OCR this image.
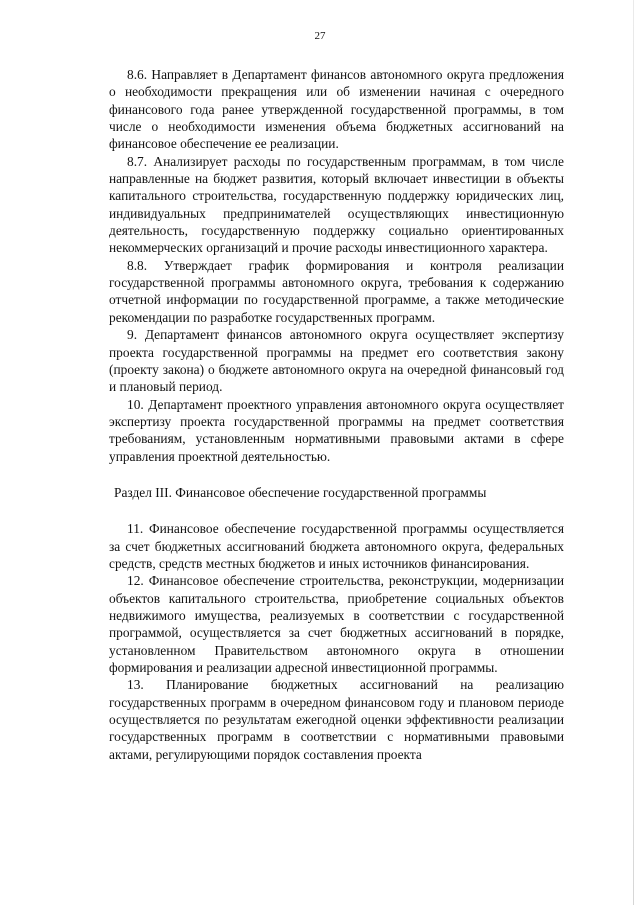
27

8.6. Направляет в Департамент финансов автономного округа предложения о необходимости прекращения или об изменении начиная с очередного финансового года ранее утвержденной государственной программы, в том числе о необходимости изменения объема бюджетных ассигнований на финансовое обеспечение ее реализации.

8.7. Анализирует расходы по государственным программам, в том числе направленные на бюджет развития, который включает инвестиции в объекты капитального строительства, государственную поддержку юридических лиц, индивидуальных предпринимателей осуществляющих инвестиционную деятельность, государственную поддержку социально ориентированных некоммерческих организаций и прочие расходы инвестиционного характера.

8.8. Утверждает график формирования и контроля реализации государственной программы автономного округа, требования к содержанию отчетной информации по государственной программе, а также методические рекомендации по разработке государственных программ.

9. Департамент финансов автономного округа осуществляет экспертизу проекта государственной программы на предмет его соответствия закону (проекту закона) о бюджете автономного округа на очередной финансовый год и плановый период.

10. Департамент проектного управления автономного округа осуществляет экспертизу проекта государственной программы на предмет соответствия требованиям, установленным нормативными правовыми актами в сфере управления проектной деятельностью.

Раздел III. Финансовое обеспечение государственной программы

11. Финансовое обеспечение государственной программы осуществляется за счет бюджетных ассигнований бюджета автономного округа, федеральных средств, средств местных бюджетов и иных источников финансирования.

12. Финансовое обеспечение строительства, реконструкции, модернизации объектов капитального строительства, приобретение социальных объектов недвижимого имущества, реализуемых в соответствии с государственной программой, осуществляется за счет бюджетных ассигнований в порядке, установленном Правительством автономного округа в отношении формирования и реализации адресной инвестиционной программы.

13. Планирование бюджетных ассигнований на реализацию государственных программ в очередном финансовом году и плановом периоде осуществляется по результатам ежегодной оценки эффективности реализации государственных программ в соответствии с нормативными правовыми актами, регулирующими порядок составления проекта
